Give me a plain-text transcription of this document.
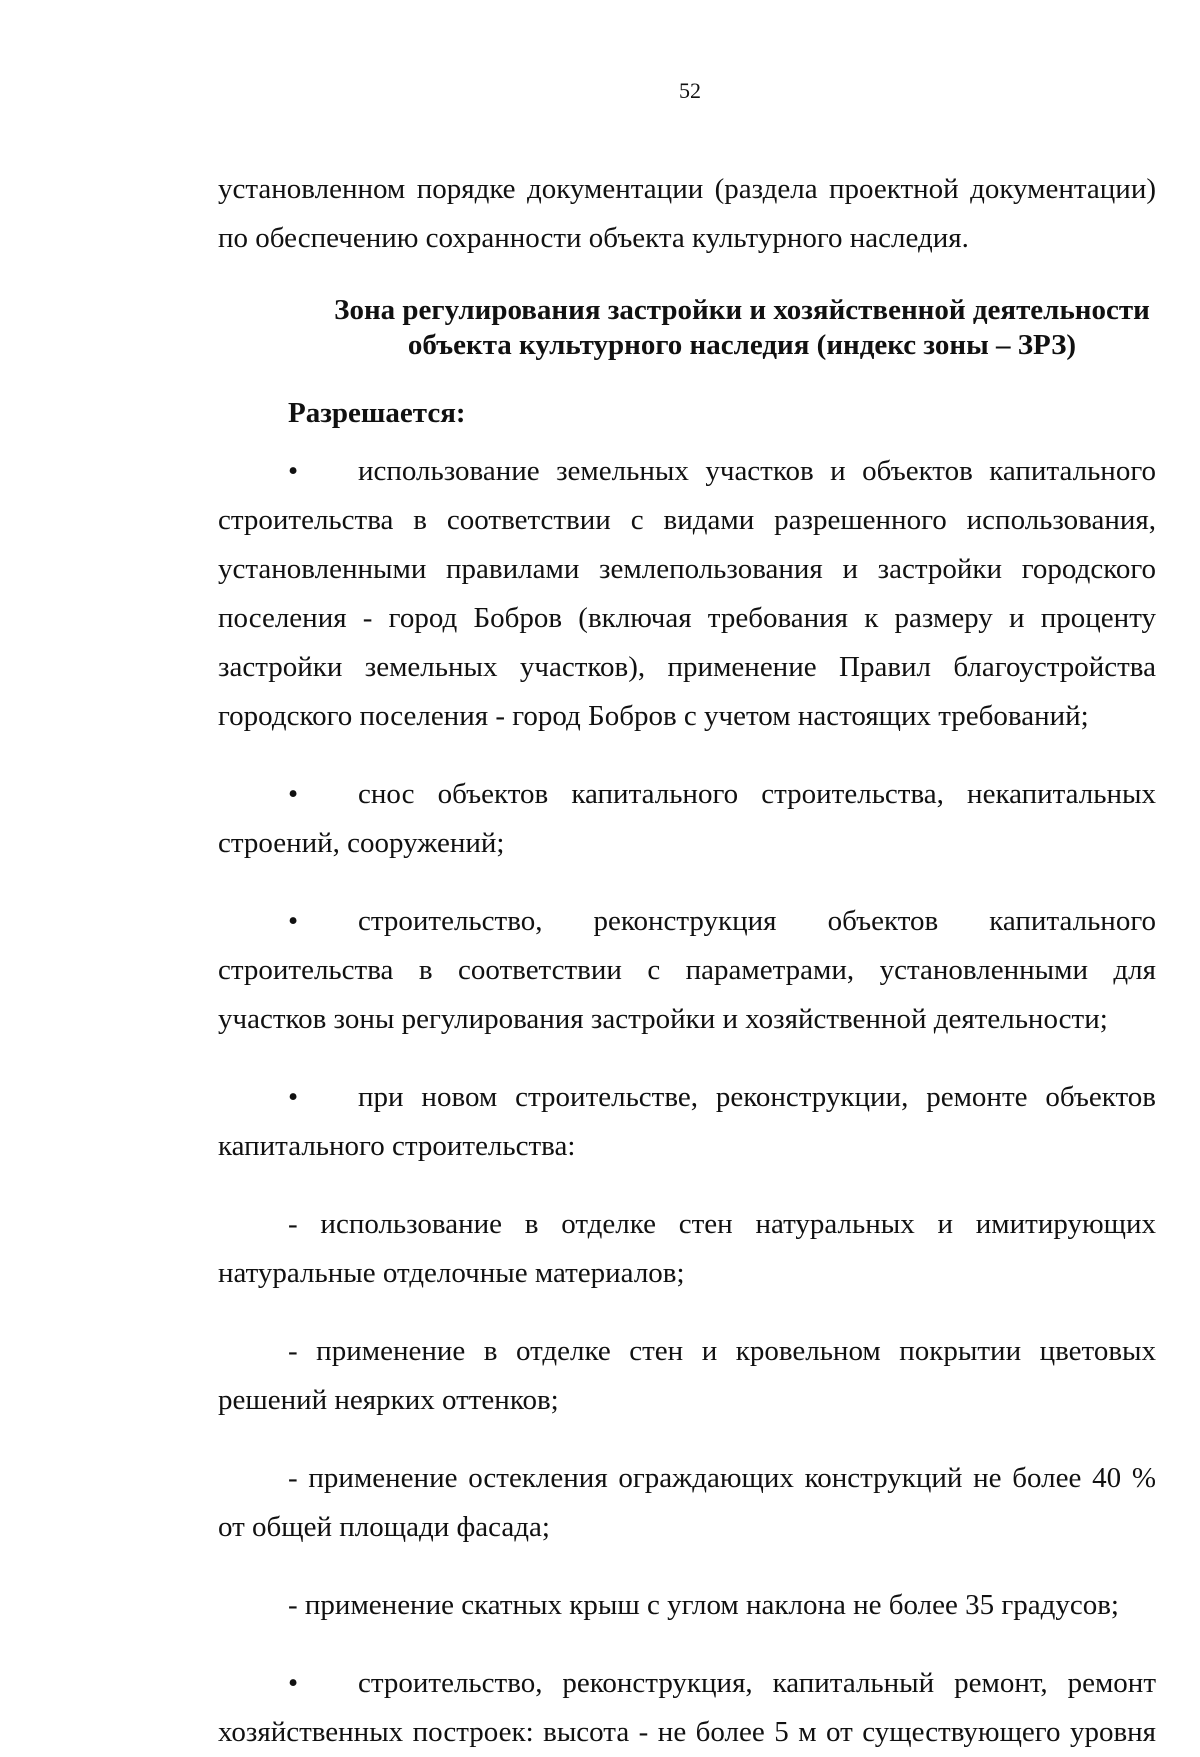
52

установленном порядке документации (раздела проектной документации) по обеспечению сохранности объекта культурного наследия.

Зона регулирования застройки и хозяйственной деятельности объекта культурного наследия (индекс зоны – ЗРЗ)
Разрешается:

• использование земельных участков и объектов капитального строительства в соответствии с видами разрешенного использования, установленными правилами землепользования и застройки городского поселения - город Бобров (включая требования к размеру и проценту застройки земельных участков), применение Правил благоустройства городского поселения - город Бобров с учетом настоящих требований;

• снос объектов капитального строительства, некапитальных строений, сооружений;

• строительство, реконструкция объектов капитального строительства в соответствии с параметрами, установленными для участков зоны регулирования застройки и хозяйственной деятельности;

• при новом строительстве, реконструкции, ремонте объектов капитального строительства:

- использование в отделке стен натуральных и имитирующих натуральные отделочные материалов;

- применение в отделке стен и кровельном покрытии цветовых решений неярких оттенков;

- применение остекления ограждающих конструкций не более 40 % от общей площади фасада;

- применение скатных крыш с углом наклона не более 35 градусов;

• строительство, реконструкция, капитальный ремонт, ремонт хозяйственных построек: высота - не более 5 м от существующего уровня
